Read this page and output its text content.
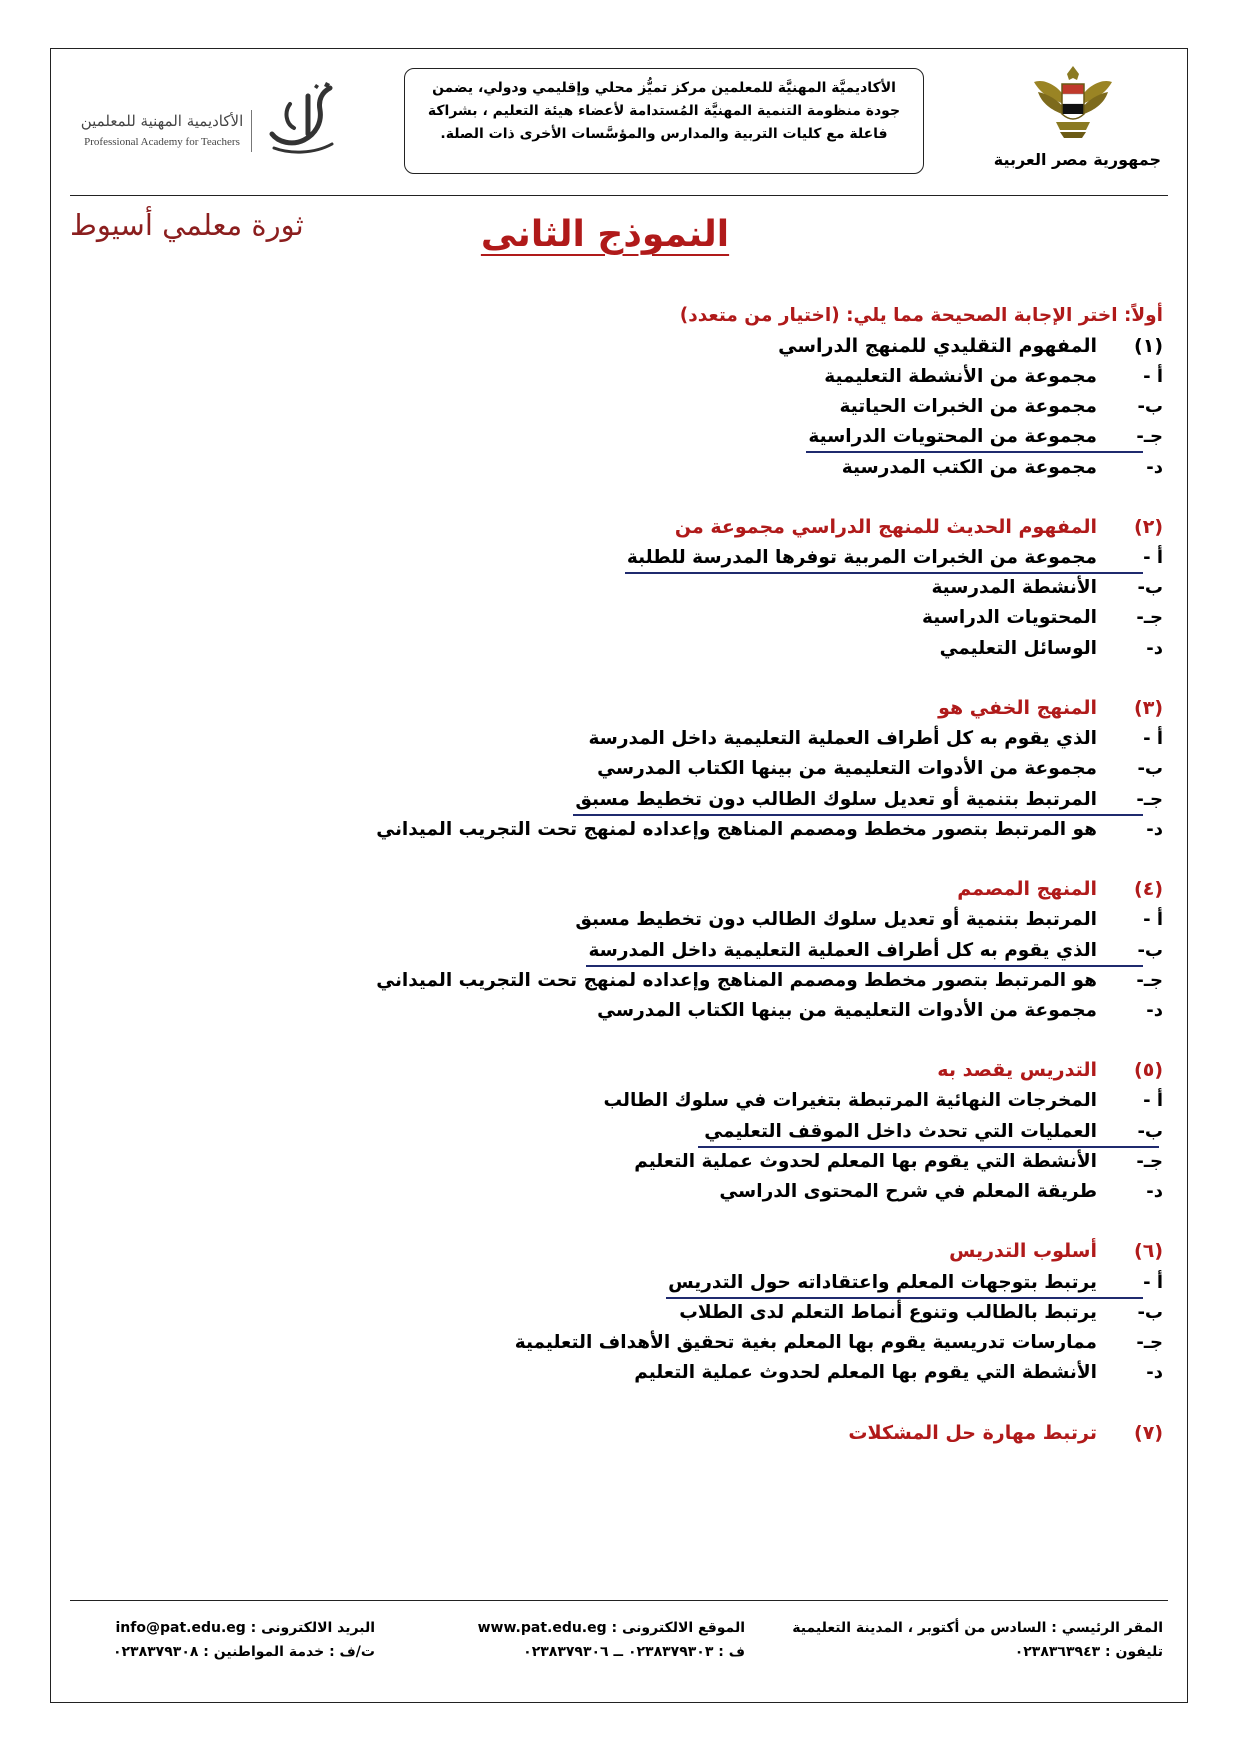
جمهورية مصر العربية
الأكاديميَّة المهنيَّة للمعلمين مركز تميُّز محلي وإقليمي ودولي، يضمن
جودة منظومة التنمية المهنيَّة المُستدامة لأعضاء هيئة التعليم ، بشراكة
فاعلة مع كليات التربية والمدارس والمؤسَّسات الأخرى ذات الصلة.
الأكاديمية المهنية للمعلمين
Professional Academy for Teachers
ثورة معلمي أسيوط	النموذج الثانى
أولاً: اختر الإجابة الصحيحة مما يلي: (اختيار من متعدد)
(١)
المفهوم التقليدي للمنهج الدراسي
أ -
مجموعة من الأنشطة التعليمية
ب-
مجموعة من الخبرات الحياتية
جـ-
مجموعة من المحتويات الدراسية
د-
مجموعة من الكتب المدرسية
(٢)
المفهوم الحديث للمنهج الدراسي مجموعة من
أ -
مجموعة من الخبرات المربية توفرها المدرسة للطلبة
ب-
الأنشطة المدرسية
جـ-
المحتويات الدراسية
د-
الوسائل التعليمي
(٣)
المنهج الخفي هو
أ -
الذي يقوم به كل أطراف العملية التعليمية داخل المدرسة
ب-
مجموعة من الأدوات التعليمية من بينها الكتاب المدرسي
جـ-
المرتبط بتنمية أو تعديل سلوك الطالب دون تخطيط مسبق
د-
هو المرتبط بتصور مخطط ومصمم المناهج وإعداده لمنهج تحت التجريب الميداني
(٤)
المنهج المصمم
أ -
المرتبط بتنمية أو تعديل سلوك الطالب دون تخطيط مسبق
ب-
الذي يقوم به كل أطراف العملية التعليمية داخل المدرسة
جـ-
هو المرتبط بتصور مخطط ومصمم المناهج وإعداده لمنهج تحت التجريب الميداني
د-
مجموعة من الأدوات التعليمية من بينها الكتاب المدرسي
(٥)
التدريس يقصد به
أ -
المخرجات النهائية المرتبطة بتغيرات في سلوك الطالب
ب-
العمليات التي تحدث داخل الموقف التعليمي
جـ-
الأنشطة التي يقوم بها المعلم لحدوث عملية التعليم
د-
طريقة المعلم في شرح المحتوى الدراسي
(٦)
أسلوب التدريس
أ -
يرتبط بتوجهات المعلم واعتقاداته حول التدريس
ب-
يرتبط بالطالب وتنوع أنماط التعلم لدى الطلاب
جـ-
ممارسات تدريسية يقوم بها المعلم بغية تحقيق الأهداف التعليمية
د-
الأنشطة التي يقوم بها المعلم لحدوث عملية التعليم
(٧)
ترتبط مهارة حل المشكلات
المقر الرئيسي : السادس من أكتوبر ، المدينة التعليمية
تليفون : ٠٢٣٨٣٦٣٩٤٣
الموقع الالكترونى : www.pat.edu.eg
ف : ٠٢٣٨٣٧٩٣٠٣ ــ ٠٢٣٨٣٧٩٣٠٦
البريد الالكترونى : info@pat.edu.eg
ت/ف : خدمة المواطنين : ٠٢٣٨٣٧٩٣٠٨
